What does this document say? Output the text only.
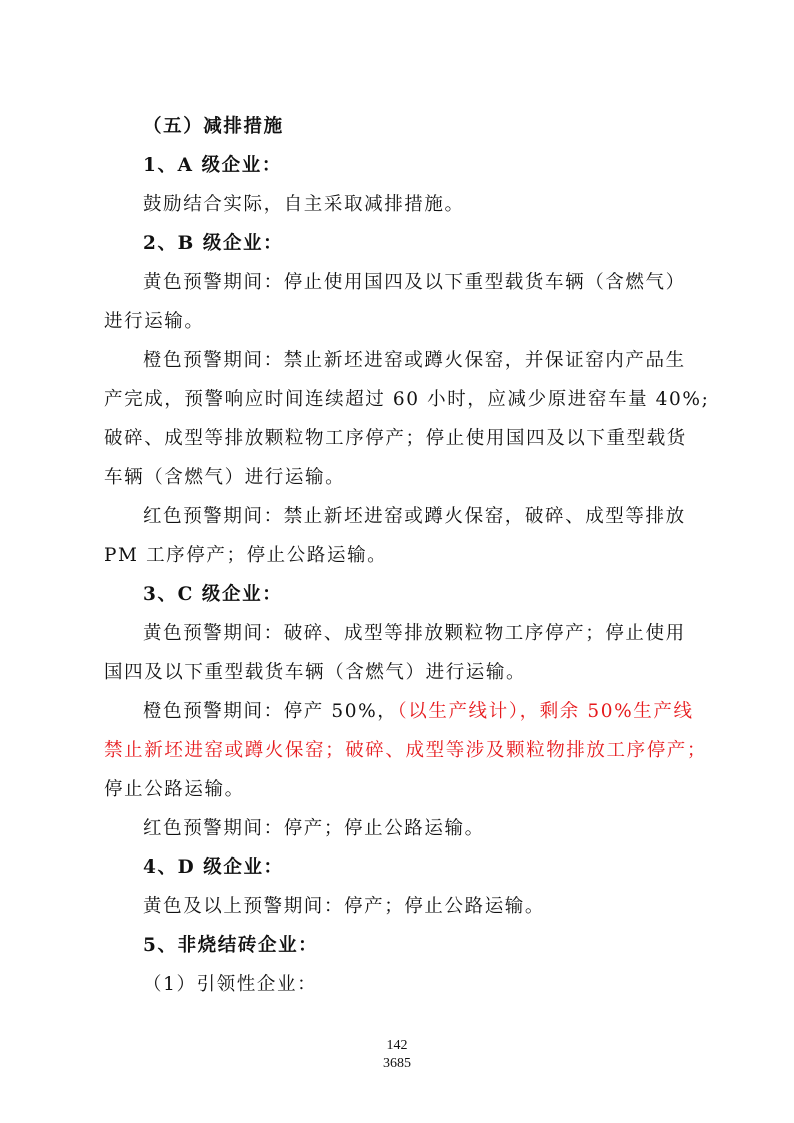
（五）减排措施
1、A 级企业：
鼓励结合实际，自主采取减排措施。
2、B 级企业：
黄色预警期间：停止使用国四及以下重型载货车辆（含燃气）
进行运输。
橙色预警期间：禁止新坯进窑或蹲火保窑，并保证窑内产品生
产完成，预警响应时间连续超过 60 小时，应减少原进窑车量 40%;
破碎、成型等排放颗粒物工序停产；停止使用国四及以下重型载货
车辆（含燃气）进行运输。
红色预警期间：禁止新坯进窑或蹲火保窑，破碎、成型等排放
PM 工序停产；停止公路运输。
3、C 级企业：
黄色预警期间：破碎、成型等排放颗粒物工序停产；停止使用
国四及以下重型载货车辆（含燃气）进行运输。
橙色预警期间：停产 50%，（以生产线计），剩余 50%生产线
禁止新坯进窑或蹲火保窑；破碎、成型等涉及颗粒物排放工序停产；
停止公路运输。
红色预警期间：停产；停止公路运输。
4、D 级企业：
黄色及以上预警期间：停产；停止公路运输。
5、非烧结砖企业：
（1）引领性企业：
142
3685
